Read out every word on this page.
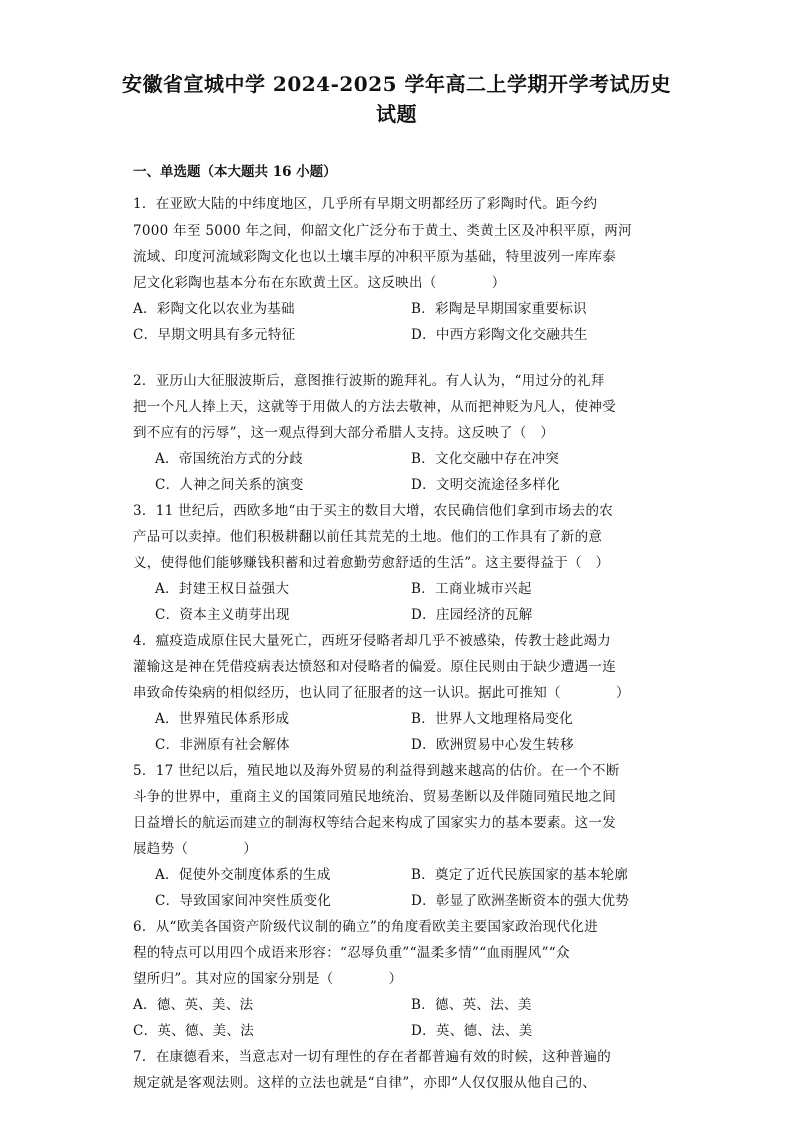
安徽省宣城中学 2024-2025 学年高二上学期开学考试历史
试题
一、单选题（本大题共 16 小题）
1．在亚欧大陆的中纬度地区，几乎所有早期文明都经历了彩陶时代。距今约
7000 年至 5000 年之间，仰韶文化广泛分布于黄土、类黄土区及冲积平原，两河
流域、印度河流域彩陶文化也以土壤丰厚的冲积平原为基础，特里波列一库库泰
尼文化彩陶也基本分布在东欧黄土区。这反映出（　　　　）
A．彩陶文化以农业为基础	B．彩陶是早期国家重要标识
C．早期文明具有多元特征	D．中西方彩陶文化交融共生
2．亚历山大征服波斯后，意图推行波斯的跪拜礼。有人认为，“用过分的礼拜
把一个凡人捧上天，这就等于用做人的方法去敬神，从而把神贬为凡人，使神受
到不应有的污辱”，这一观点得到大部分希腊人支持。这反映了（　）
A．帝国统治方式的分歧	B．文化交融中存在冲突
C．人神之间关系的演变	D．文明交流途径多样化
3．11 世纪后，西欧多地“由于买主的数目大增，农民确信他们拿到市场去的农
产品可以卖掉。他们积极耕翻以前任其荒芜的土地。他们的工作具有了新的意
义，使得他们能够赚钱积蓄和过着愈勤劳愈舒适的生活”。这主要得益于（　）
A．封建王权日益强大	B．工商业城市兴起
C．资本主义萌芽出现	D．庄园经济的瓦解
4．瘟疫造成原住民大量死亡，西班牙侵略者却几乎不被感染，传教士趁此竭力
灌输这是神在凭借疫病表达愤怒和对侵略者的偏爱。原住民则由于缺少遭遇一连
串致命传染病的相似经历，也认同了征服者的这一认识。据此可推知（　　　　）
A．世界殖民体系形成	B．世界人文地理格局变化
C．非洲原有社会解体	D．欧洲贸易中心发生转移
5．17 世纪以后，殖民地以及海外贸易的利益得到越来越高的估价。在一个不断
斗争的世界中，重商主义的国策同殖民地统治、贸易垄断以及伴随同殖民地之间
日益增长的航运而建立的制海权等结合起来构成了国家实力的基本要素。这一发
展趋势（　　　　）
A．促使外交制度体系的生成	B．奠定了近代民族国家的基本轮廓
C．导致国家间冲突性质变化	D．彰显了欧洲垄断资本的强大优势
6．从“欧美各国资产阶级代议制的确立”的角度看欧美主要国家政治现代化进
程的特点可以用四个成语来形容：“忍辱负重”“温柔多情”“血雨腥风”“众
望所归”。其对应的国家分别是（　　　　）
A．德、英、美、法	B．德、英、法、美
C．英、德、美、法	D．英、德、法、美
7．在康德看来，当意志对一切有理性的存在者都普遍有效的时候，这种普遍的
规定就是客观法则。这样的立法也就是“自律”，亦即“人仅仅服从他自己的、
